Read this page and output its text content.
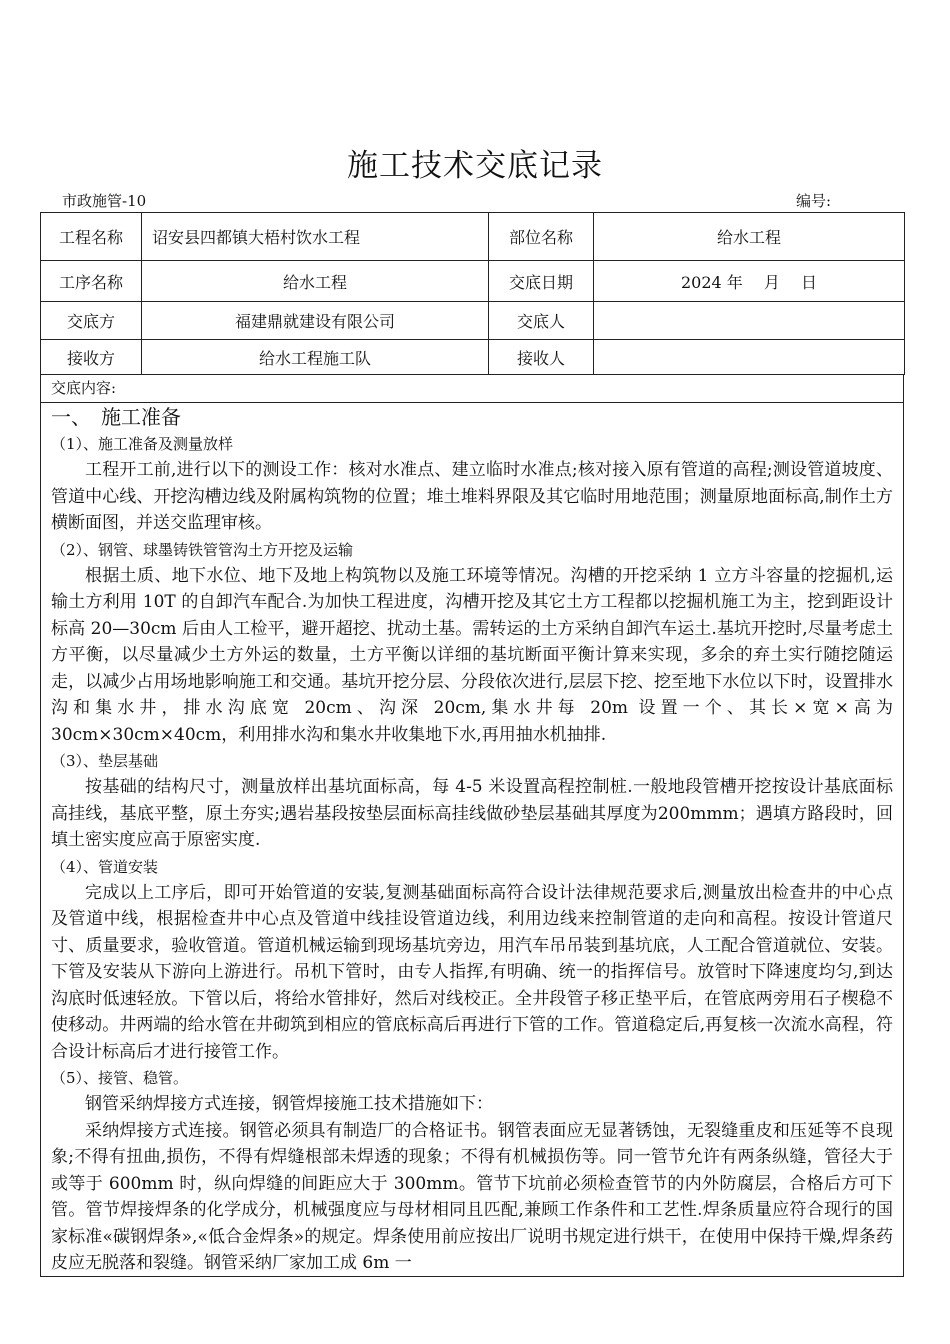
施工技术交底记录
市政施管-10	编号:
工程名称	诏安县四都镇大梧村饮水工程	部位名称	给水工程
工序名称	给水工程	交底日期	2024 年　 月　 日
交底方	福建鼎就建设有限公司	交底人	
接收方	给水工程施工队	接收人	
交底内容:
一、　施工准备
（1）、施工准备及测量放样

工程开工前,进行以下的测设工作：核对水准点、建立临时水准点;核对接入原有管道的高程;测设管道坡度、管道中心线、开挖沟槽边线及附属构筑物的位置；堆土堆料界限及其它临时用地范围；测量原地面标高,制作土方横断面图，并送交监理审核。

（2）、钢管、球墨铸铁管管沟土方开挖及运输

根据土质、地下水位、地下及地上构筑物以及施工环境等情况。沟槽的开挖采纳 1 立方斗容量的挖掘机,运输土方利用 10T 的自卸汽车配合.为加快工程进度，沟槽开挖及其它土方工程都以挖掘机施工为主，挖到距设计标高 20—30cm 后由人工检平，避开超挖、扰动土基。需转运的土方采纳自卸汽车运土.基坑开挖时,尽量考虑土方平衡，以尽量减少土方外运的数量，土方平衡以详细的基坑断面平衡计算来实现，多余的弃土实行随挖随运走，以减少占用场地影响施工和交通。基坑开挖分层、分段依次进行,层层下挖、挖至地下水位以下时，设置排水沟和集水井，排水沟底宽 20cm、沟深 20cm,集水井每 20m 设置一个、其长×宽×高为 30cm×30cm×40cm，利用排水沟和集水井收集地下水,再用抽水机抽排.

（3）、垫层基础

按基础的结构尺寸，测量放样出基坑面标高，每 4-5 米设置高程控制桩.一般地段管槽开挖按设计基底面标高挂线，基底平整，原土夯实;遇岩基段按垫层面标高挂线做砂垫层基础其厚度为200mmm；遇填方路段时，回填土密实度应高于原密实度.

（4）、管道安装

完成以上工序后，即可开始管道的安装,复测基础面标高符合设计法律规范要求后,测量放出检查井的中心点及管道中线，根据检查井中心点及管道中线挂设管道边线，利用边线来控制管道的走向和高程。按设计管道尺寸、质量要求，验收管道。管道机械运输到现场基坑旁边，用汽车吊吊装到基坑底，人工配合管道就位、安装。下管及安装从下游向上游进行。吊机下管时，由专人指挥,有明确、统一的指挥信号。放管时下降速度均匀,到达沟底时低速轻放。下管以后，将给水管排好，然后对线校正。全井段管子移正垫平后，在管底两旁用石子楔稳不使移动。井两端的给水管在井砌筑到相应的管底标高后再进行下管的工作。管道稳定后,再复核一次流水高程，符合设计标高后才进行接管工作。

（5）、接管、稳管。

钢管采纳焊接方式连接，钢管焊接施工技术措施如下：

采纳焊接方式连接。钢管必须具有制造厂的合格证书。钢管表面应无显著锈蚀，无裂缝重皮和压延等不良现象;不得有扭曲,损伤，不得有焊缝根部未焊透的现象；不得有机械损伤等。同一管节允许有两条纵缝，管径大于或等于 600mm 时，纵向焊缝的间距应大于 300mm。管节下坑前必须检查管节的内外防腐层，合格后方可下管。管节焊接焊条的化学成分，机械强度应与母材相同且匹配,兼顾工作条件和工艺性.焊条质量应符合现行的国家标准«碳钢焊条»,«低合金焊条»的规定。焊条使用前应按出厂说明书规定进行烘干，在使用中保持干燥,焊条药皮应无脱落和裂缝。钢管采纳厂家加工成 6m 一
